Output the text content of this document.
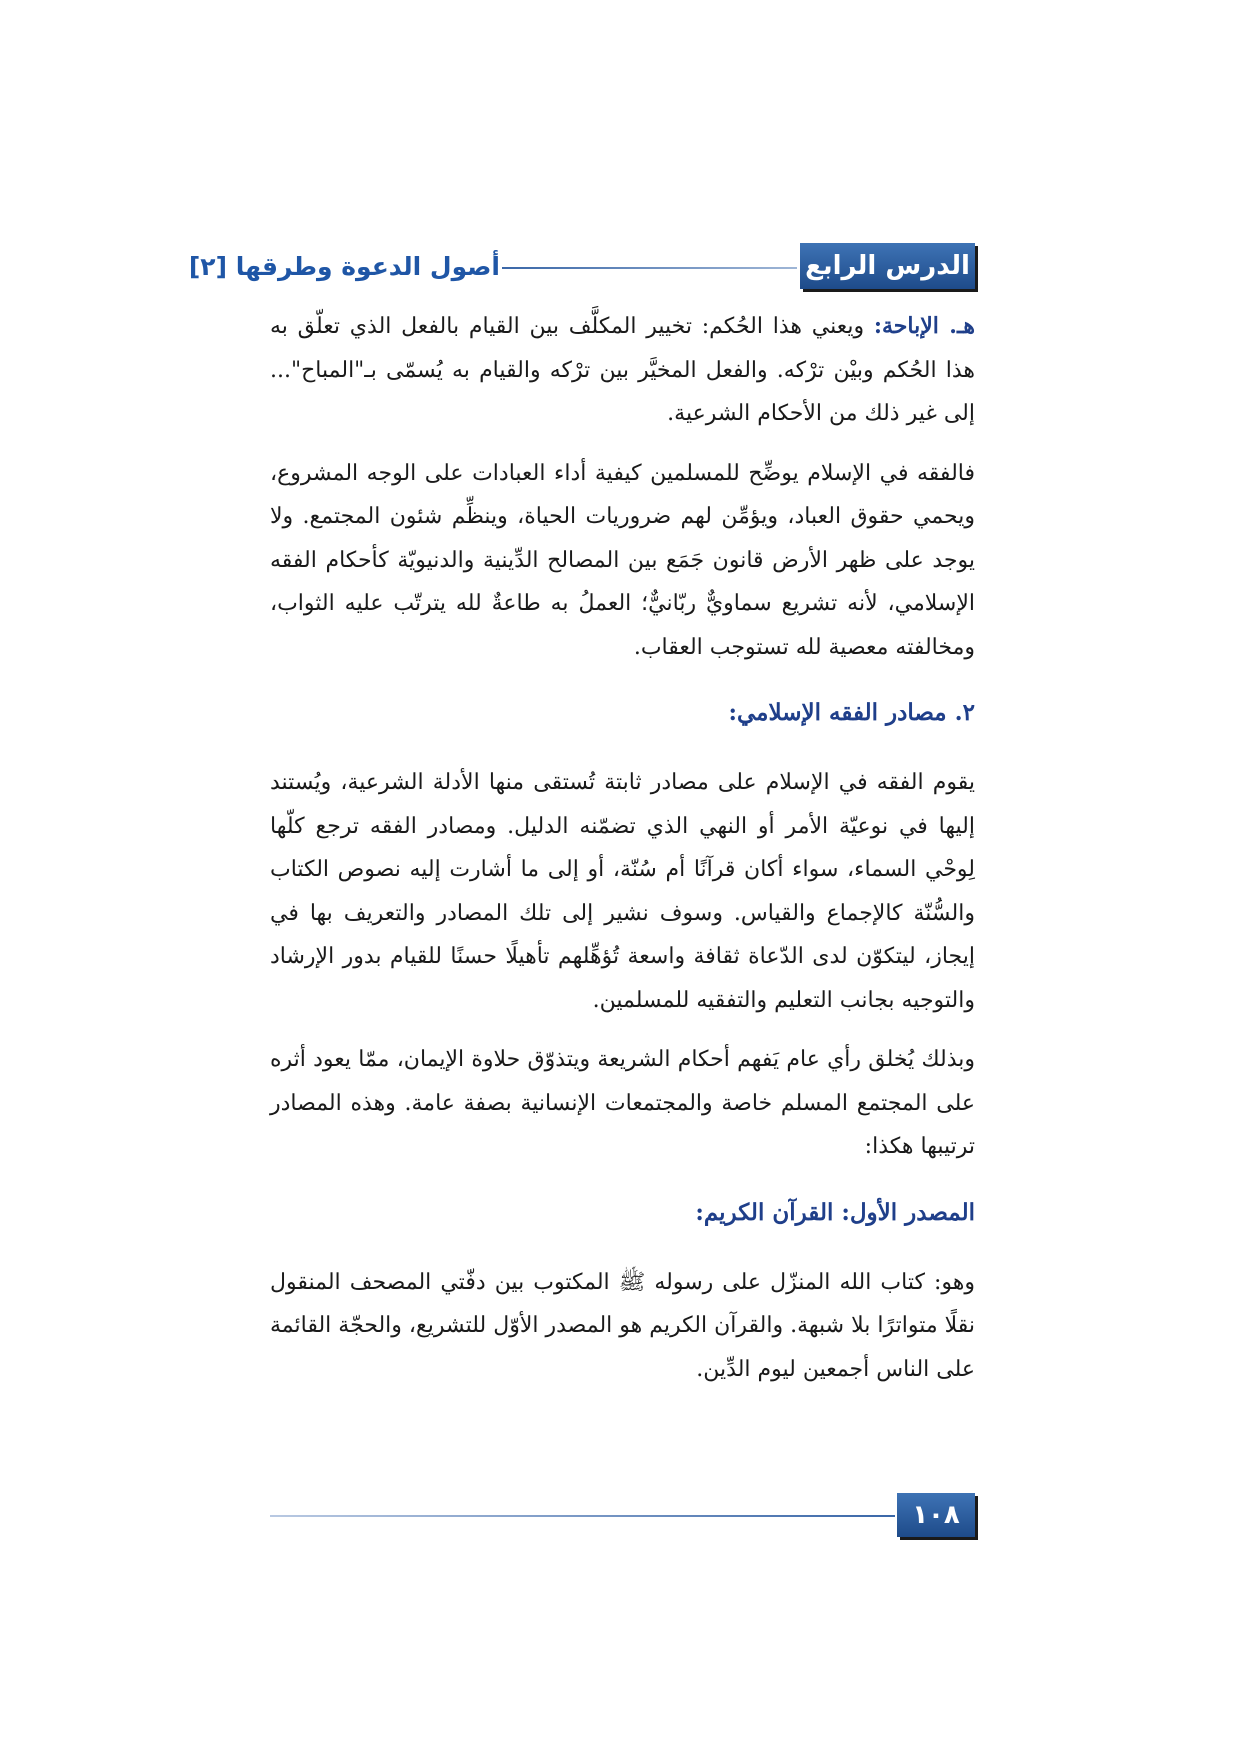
أصول الدعوة وطرقها [٢]	الدرس الرابع

هـ. الإباحة: ويعني هذا الحُكم: تخيير المكلَّف بين القيام بالفعل الذي تعلّق به هذا الحُكم وبيْن ترْكه. والفعل المخيَّر بين ترْكه والقيام به يُسمّى بـ"المباح"... إلى غير ذلك من الأحكام الشرعية.

فالفقه في الإسلام يوضِّح للمسلمين كيفية أداء العبادات على الوجه المشروع، ويحمي حقوق العباد، ويؤمِّن لهم ضروريات الحياة، وينظِّم شئون المجتمع. ولا يوجد على ظهر الأرض قانون جَمَع بين المصالح الدِّينية والدنيويّة كأحكام الفقه الإسلامي، لأنه تشريع سماويٌّ ربّانيٌّ؛ العملُ به طاعةٌ لله يترتّب عليه الثواب، ومخالفته معصية لله تستوجب العقاب.

٢. مصادر الفقه الإسلامي:

يقوم الفقه في الإسلام على مصادر ثابتة تُستقى منها الأدلة الشرعية، ويُستند إليها في نوعيّة الأمر أو النهي الذي تضمّنه الدليل. ومصادر الفقه ترجع كلّها لِوحْي السماء، سواء أكان قرآنًا أم سُنّة، أو إلى ما أشارت إليه نصوص الكتاب والسُّنّة كالإجماع والقياس. وسوف نشير إلى تلك المصادر والتعريف بها في إيجاز، ليتكوّن لدى الدّعاة ثقافة واسعة تُؤهِّلهم تأهيلًا حسنًا للقيام بدور الإرشاد والتوجيه بجانب التعليم والتفقيه للمسلمين.

وبذلك يُخلق رأي عام يَفهم أحكام الشريعة ويتذوّق حلاوة الإيمان، ممّا يعود أثره على المجتمع المسلم خاصة والمجتمعات الإنسانية بصفة عامة. وهذه المصادر ترتيبها هكذا:

المصدر الأول: القرآن الكريم:

وهو: كتاب الله المنزّل على رسوله ﷺ المكتوب بين دفّتي المصحف المنقول نقلًا متواترًا بلا شبهة. والقرآن الكريم هو المصدر الأوّل للتشريع، والحجّة القائمة على الناس أجمعين ليوم الدِّين.

١٠٨
